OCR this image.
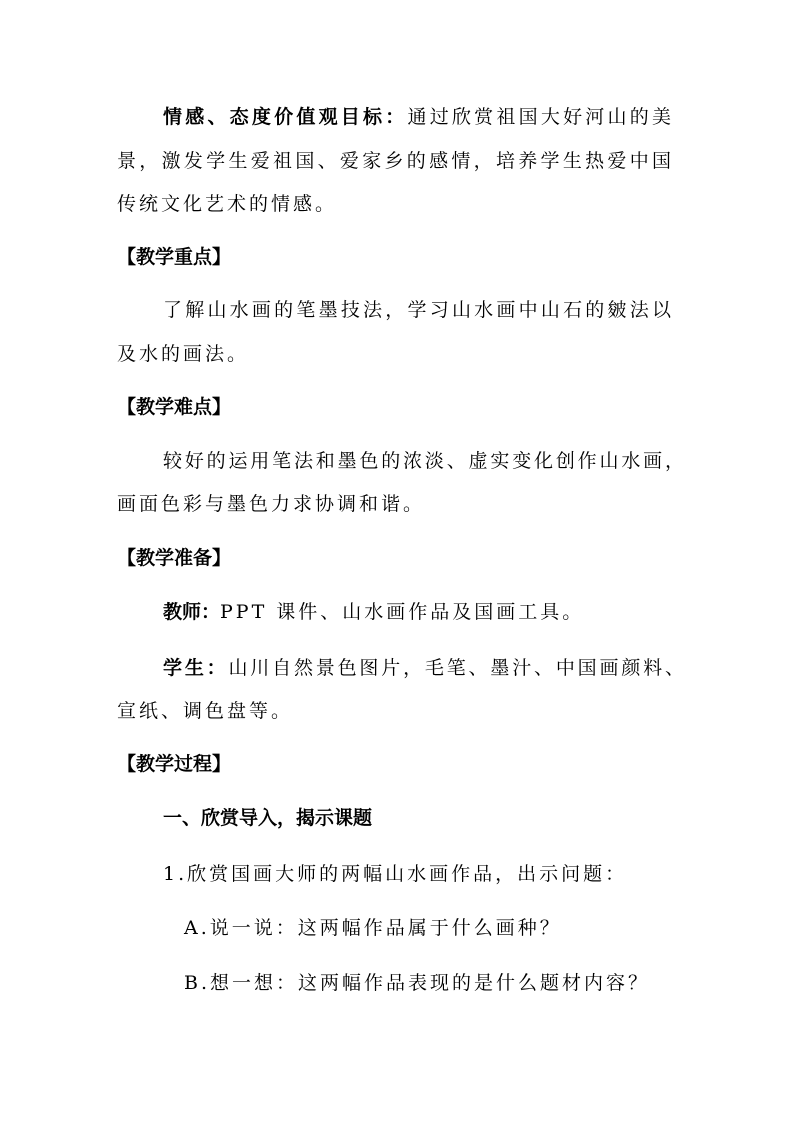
情感、态度价值观目标：通过欣赏祖国大好河山的美
景，激发学生爱祖国、爱家乡的感情，培养学生热爱中国
传统文化艺术的情感。
【教学重点】
了解山水画的笔墨技法，学习山水画中山石的皴法以
及水的画法。
【教学难点】
较好的运用笔法和墨色的浓淡、虚实变化创作山水画，
画面色彩与墨色力求协调和谐。
【教学准备】
教师：PPT 课件、山水画作品及国画工具。
学生：山川自然景色图片，毛笔、墨汁、中国画颜料、
宣纸、调色盘等。
【教学过程】
一、欣赏导入，揭示课题
1.欣赏国画大师的两幅山水画作品，出示问题：
A.说一说：这两幅作品属于什么画种？
B.想一想：这两幅作品表现的是什么题材内容？
